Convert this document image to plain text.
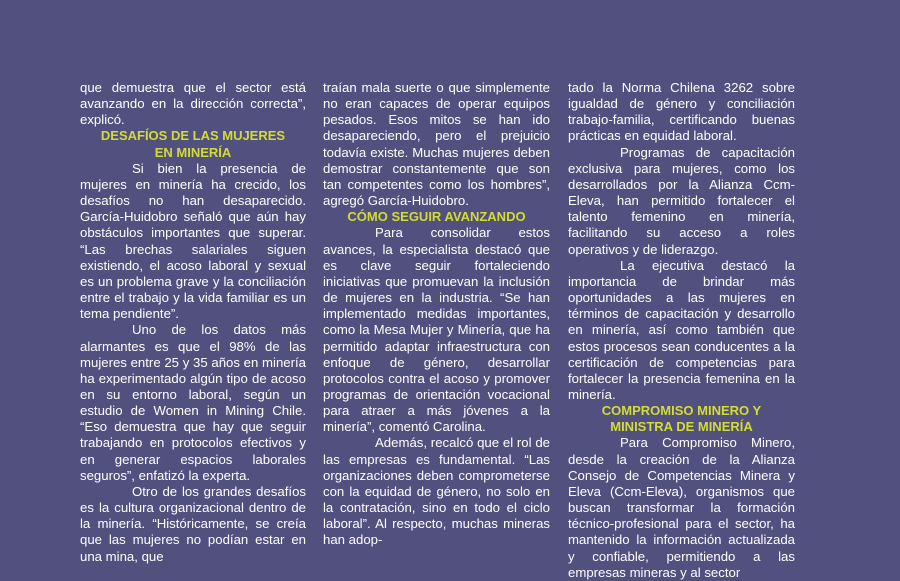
que demuestra que el sector está avanzando en la dirección correcta”, explicó.

DESAFÍOS DE LAS MUJERES
EN MINERÍA

Si bien la presencia de mujeres en minería ha crecido, los desafíos no han desaparecido. García-Huidobro señaló que aún hay obstáculos importantes que superar. “Las brechas salariales siguen existiendo, el acoso laboral y sexual es un problema grave y la conciliación entre el trabajo y la vida familiar es un tema pendiente”.

Uno de los datos más alarmantes es que el 98% de las mujeres entre 25 y 35 años en minería ha experimentado algún tipo de acoso en su entorno laboral, según un estudio de Women in Mining Chile. “Eso demuestra que hay que seguir trabajando en protocolos efectivos y en generar espacios laborales seguros”, enfatizó la experta.

Otro de los grandes desafíos es la cultura organizacional dentro de la minería. “Históricamente, se creía que las mujeres no podían estar en una mina, que

traían mala suerte o que simplemente no eran capaces de operar equipos pesados. Esos mitos se han ido desapareciendo, pero el prejuicio todavía existe. Muchas mujeres deben demostrar constantemente que son tan competentes como los hombres”, agregó García-Huidobro.

CÓMO SEGUIR AVANZANDO

Para consolidar estos avances, la especialista destacó que es clave seguir fortaleciendo iniciativas que promuevan la inclusión de mujeres en la industria. “Se han implementado medidas importantes, como la Mesa Mujer y Minería, que ha permitido adaptar infraestructura con enfoque de género, desarrollar protocolos contra el acoso y promover programas de orientación vocacional para atraer a más jóvenes a la minería”, comentó Carolina.

Además, recalcó que el rol de las empresas es fundamental. “Las organizaciones deben comprometerse con la equidad de género, no solo en la contratación, sino en todo el ciclo laboral”. Al respecto, muchas mineras han adop-

tado la Norma Chilena 3262 sobre igualdad de género y conciliación trabajo-familia, certificando buenas prácticas en equidad laboral.

Programas de capacitación exclusiva para mujeres, como los desarrollados por la Alianza Ccm-Eleva, han permitido fortalecer el talento femenino en minería, facilitando su acceso a roles operativos y de liderazgo.

La ejecutiva destacó la importancia de brindar más oportunidades a las mujeres en términos de capacitación y desarrollo en minería, así como también que estos procesos sean conducentes a la certificación de competencias para fortalecer la presencia femenina en la minería.

COMPROMISO MINERO Y
MINISTRA DE MINERÍA

Para Compromiso Minero, desde la creación de la Alianza Consejo de Competencias Minera y Eleva (Ccm-Eleva), organismos que buscan transformar la formación técnico-profesional para el sector, ha mantenido la información actualizada y confiable, permitiendo a las empresas mineras y al sector
